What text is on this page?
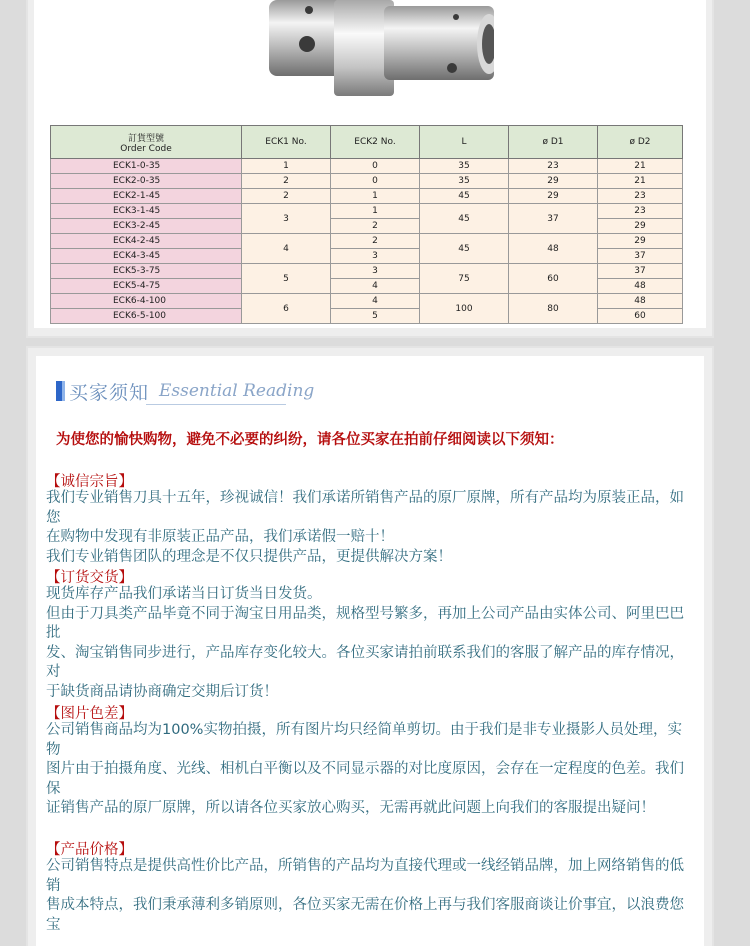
訂貨型號
Order Code	ECK1 No.	ECK2 No.	L	ø D1	ø D2
ECK1-0-35	1	0	35	23	21
ECK2-0-35	2	0	35	29	21
ECK2-1-45	2	1	45	29	23
ECK3-1-45	3	1	45	37	23
ECK3-2-45		2			29
ECK4-2-45	4	2	45	48	29
ECK4-3-45		3			37
ECK5-3-75	5	3	75	60	37
ECK5-4-75		4			48
ECK6-4-100	6	4	100	80	48
ECK6-5-100		5			60
买家须知 Essential Reading

为使您的愉快购物，避免不必要的纠纷，请各位买家在拍前仔细阅读以下须知：

【诚信宗旨】

我们专业销售刀具十五年，珍视诚信！我们承诺所销售产品的原厂原牌，所有产品均为原装正品，如您
在购物中发现有非原装正品产品，我们承诺假一赔十！
我们专业销售团队的理念是不仅只提供产品，更提供解决方案！

【订货交货】

现货库存产品我们承诺当日订货当日发货。
但由于刀具类产品毕竟不同于淘宝日用品类，规格型号繁多，再加上公司产品由实体公司、阿里巴巴批
发、淘宝销售同步进行，产品库存变化较大。各位买家请拍前联系我们的客服了解产品的库存情况，对
于缺货商品请协商确定交期后订货！

【图片色差】

公司销售商品均为100%实物拍摄，所有图片均只经简单剪切。由于我们是非专业摄影人员处理，实物
图片由于拍摄角度、光线、相机白平衡以及不同显示器的对比度原因，会存在一定程度的色差。我们保
证销售产品的原厂原牌，所以请各位买家放心购买，无需再就此问题上向我们的客服提出疑问！

【产品价格】

公司销售特点是提供高性价比产品，所销售的产品均为直接代理或一线经销品牌，加上网络销售的低销
售成本特点，我们秉承薄利多销原则，各位买家无需在价格上再与我们客服商谈让价事宜，以浪费您宝
